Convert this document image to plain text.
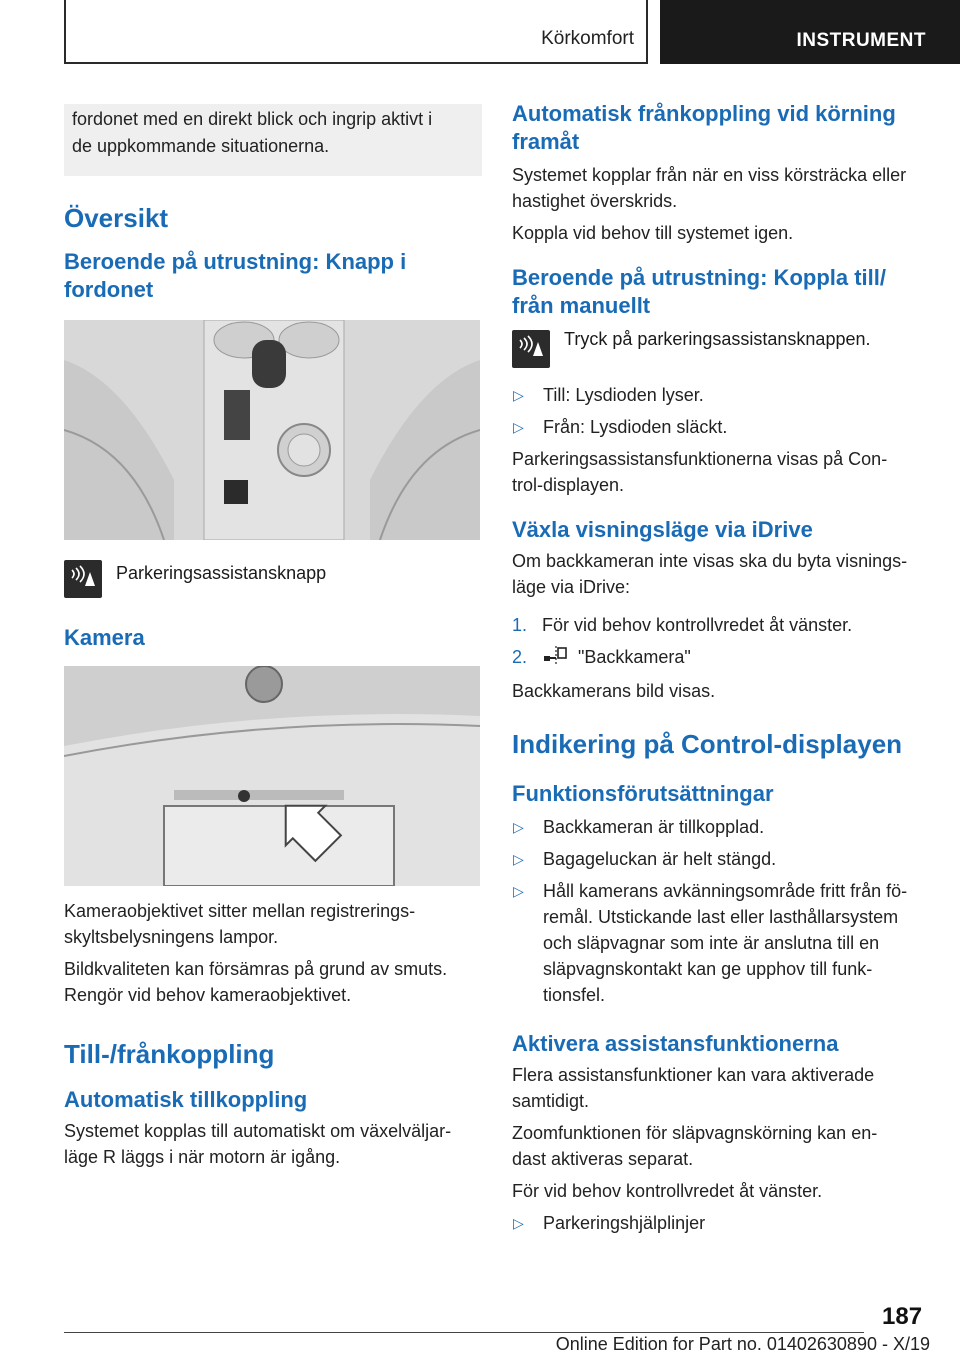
Körkomfort	INSTRUMENT
fordonet med en direkt blick och ingrip aktivt i
de uppkommande situationerna.
Översikt
Beroende på utrustning: Knapp i
fordonet
Parkeringsassistansknapp
Kamera

Kameraobjektivet sitter mellan registrerings-
skyltsbelysningens lampor.

Bildkvaliteten kan försämras på grund av smuts.
Rengör vid behov kameraobjektivet.

Till-/frånkoppling
Automatisk tillkoppling

Systemet kopplas till automatiskt om växelväljar-
läge R läggs i när motorn är igång.

Automatisk frånkoppling vid körning
framåt

Systemet kopplar från när en viss körsträcka eller
hastighet överskrids.

Koppla vid behov till systemet igen.

Beroende på utrustning: Koppla till/
från manuellt
Tryck på parkeringsassistansknappen.
▷	Till: Lysdioden lyser.
▷	Från: Lysdioden släckt.

Parkeringsassistansfunktionerna visas på Con-
trol-displayen.

Växla visningsläge via iDrive

Om backkameran inte visas ska du byta visnings-
läge via iDrive:

1. För vid behov kontrollvredet åt vänster.
2.	"Backkamera"

Backkamerans bild visas.

Indikering på Control-displayen
Funktionsförutsättningar
▷	Backkameran är tillkopplad.
▷	Bagageluckan är helt stängd.
▷	Håll kamerans avkänningsområde fritt från fö-
remål. Utstickande last eller lasthållarsystem
och släpvagnar som inte är anslutna till en
släpvagnskontakt kan ge upphov till funk-
tionsfel.
Aktivera assistansfunktionerna

Flera assistansfunktioner kan vara aktiverade
samtidigt.

Zoomfunktionen för släpvagnskörning kan en-
dast aktiveras separat.

För vid behov kontrollvredet åt vänster.

▷	Parkeringshjälplinjer
187
Online Edition for Part no. 01402630890 - X/19
